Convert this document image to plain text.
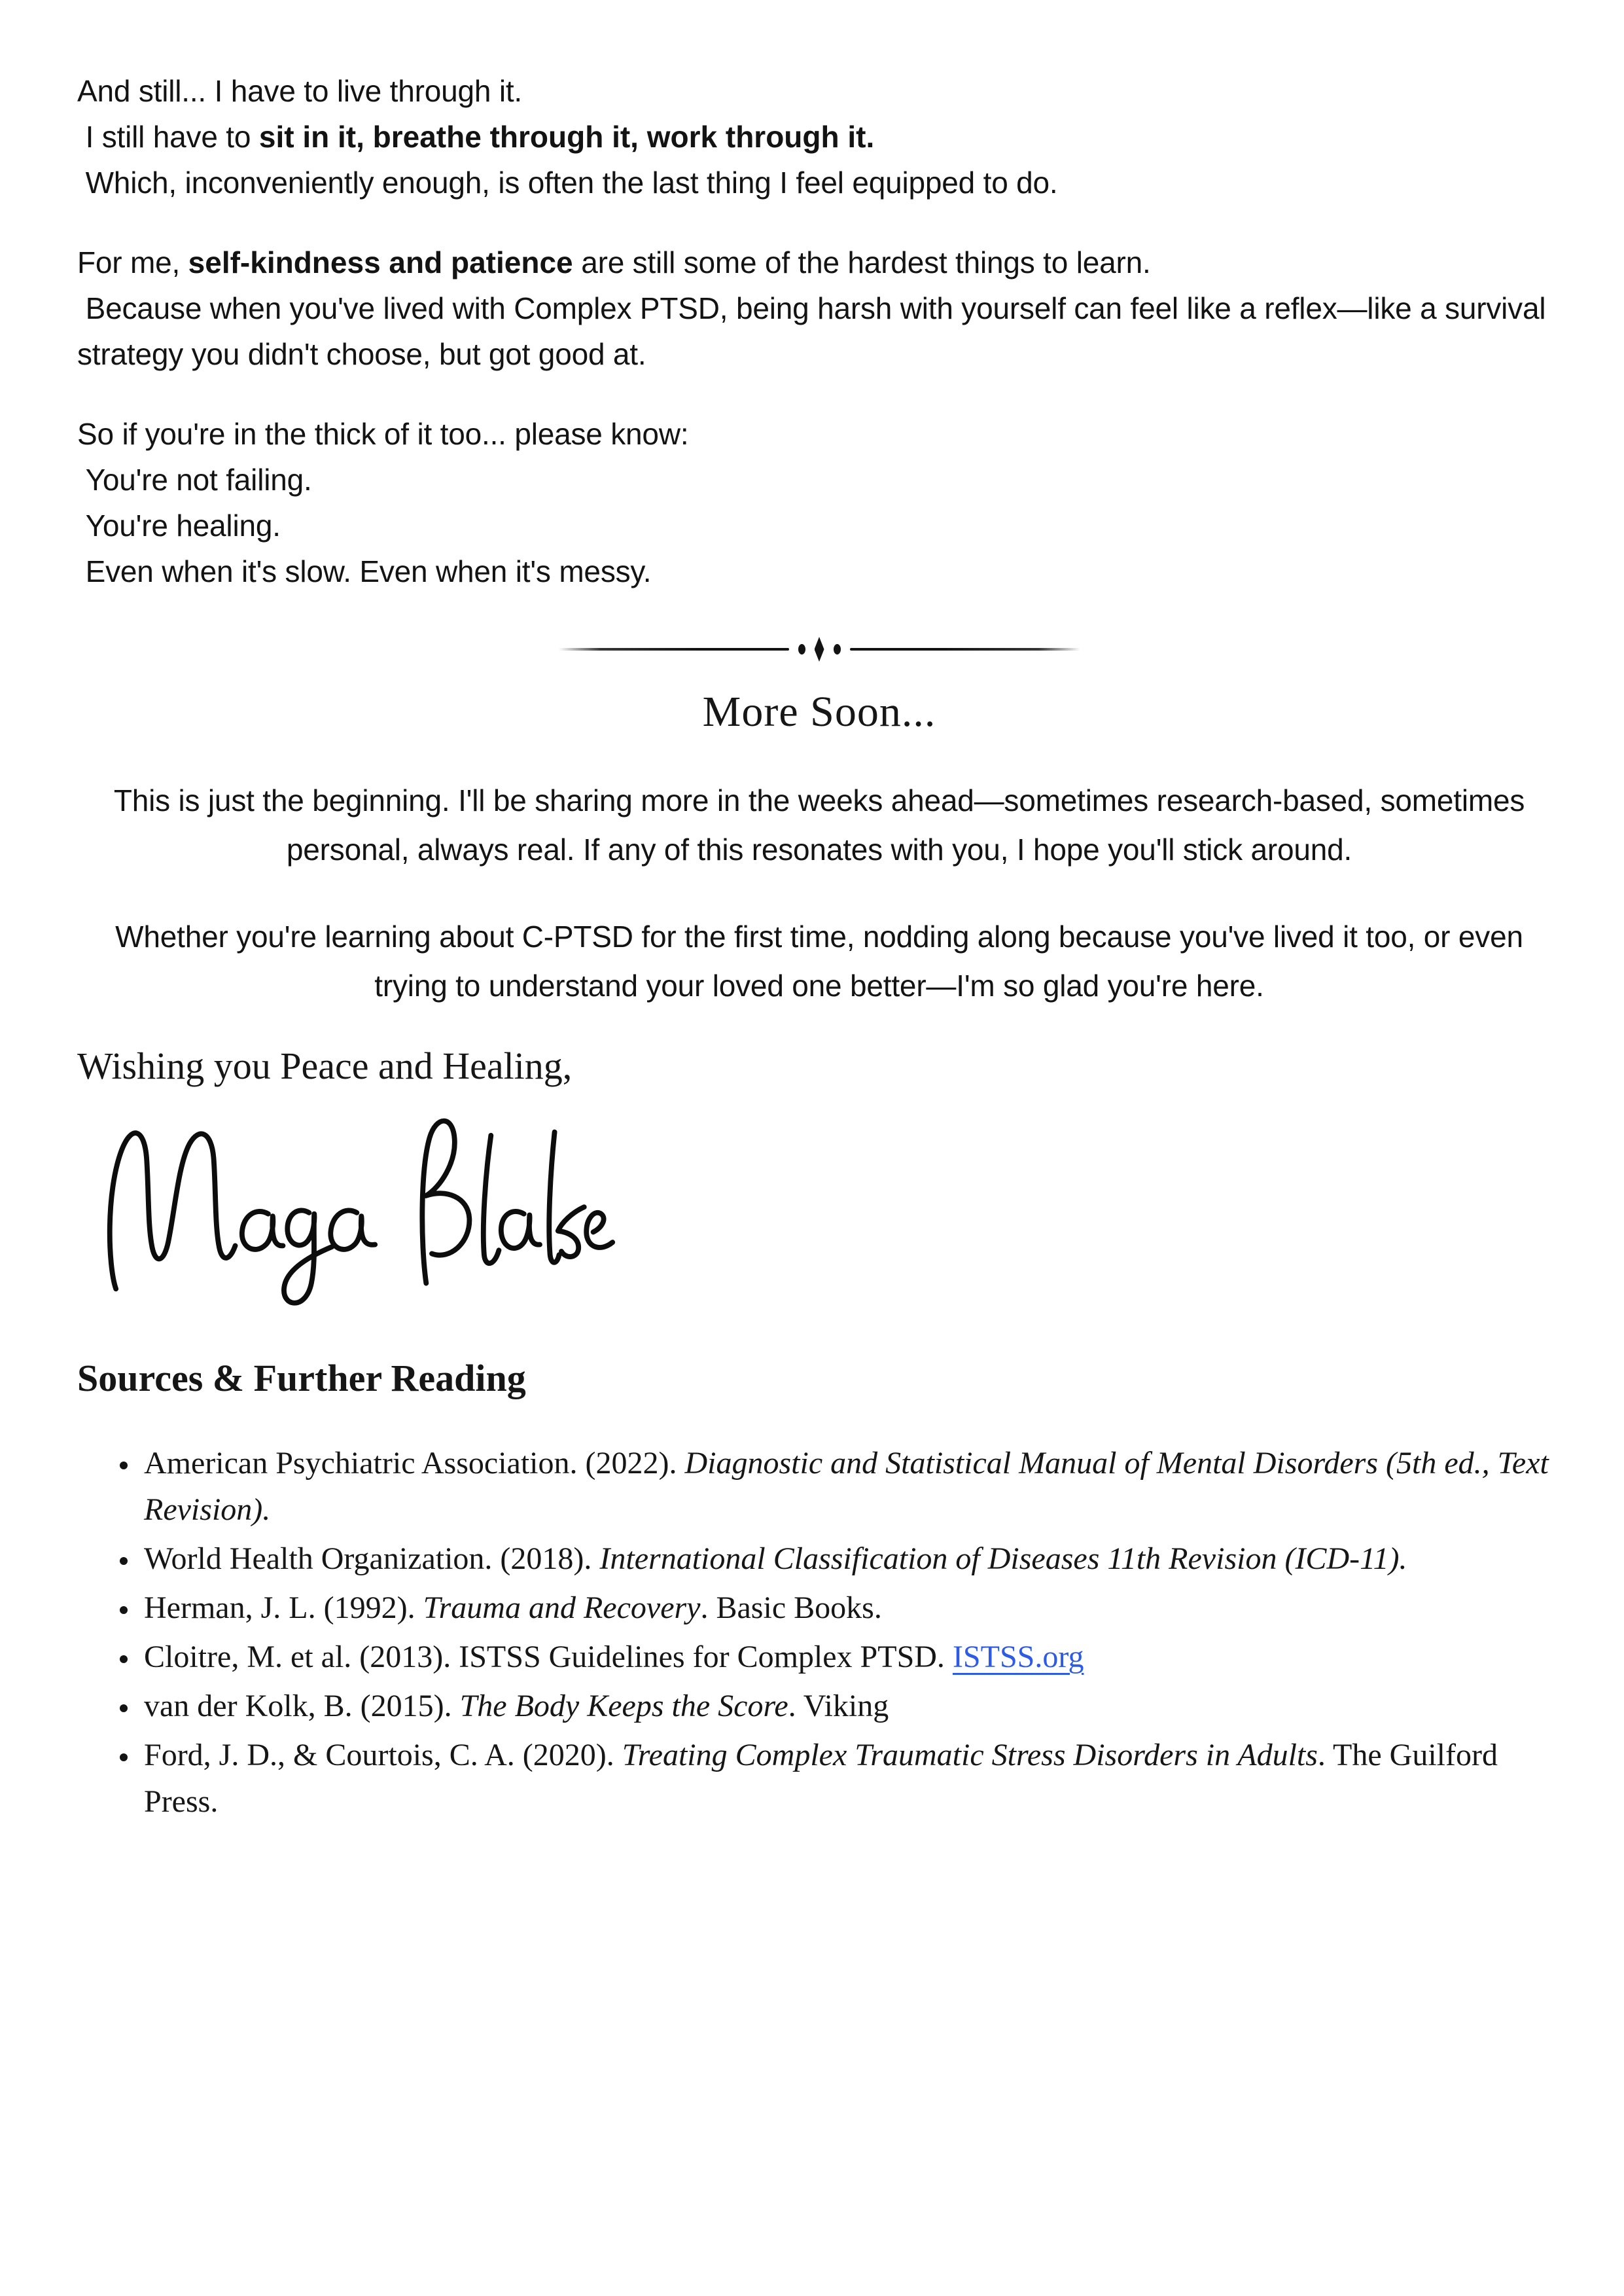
And still... I have to live through it.
I still have to sit in it, breathe through it, work through it.
Which, inconveniently enough, is often the last thing I feel equipped to do.

For me, self-kindness and patience are still some of the hardest things to learn.
Because when you've lived with Complex PTSD, being harsh with yourself can feel like a reflex—like a survival strategy you didn't choose, but got good at.

So if you're in the thick of it too... please know:
You're not failing.
You're healing.
Even when it's slow. Even when it's messy.

More Soon...

This is just the beginning. I'll be sharing more in the weeks ahead—sometimes research-based, sometimes personal, always real. If any of this resonates with you, I hope you'll stick around.

Whether you're learning about C-PTSD for the first time, nodding along because you've lived it too, or even trying to understand your loved one better—I'm so glad you're here.

Wishing you Peace and Healing,
Sources & Further Reading
• American Psychiatric Association. (2022). Diagnostic and Statistical Manual of Mental Disorders (5th ed., Text Revision).
• World Health Organization. (2018). International Classification of Diseases 11th Revision (ICD-11).
• Herman, J. L. (1992). Trauma and Recovery. Basic Books.
• Cloitre, M. et al. (2013). ISTSS Guidelines for Complex PTSD. ISTSS.org
• van der Kolk, B. (2015). The Body Keeps the Score. Viking
• Ford, J. D., & Courtois, C. A. (2020). Treating Complex Traumatic Stress Disorders in Adults. The Guilford Press.
